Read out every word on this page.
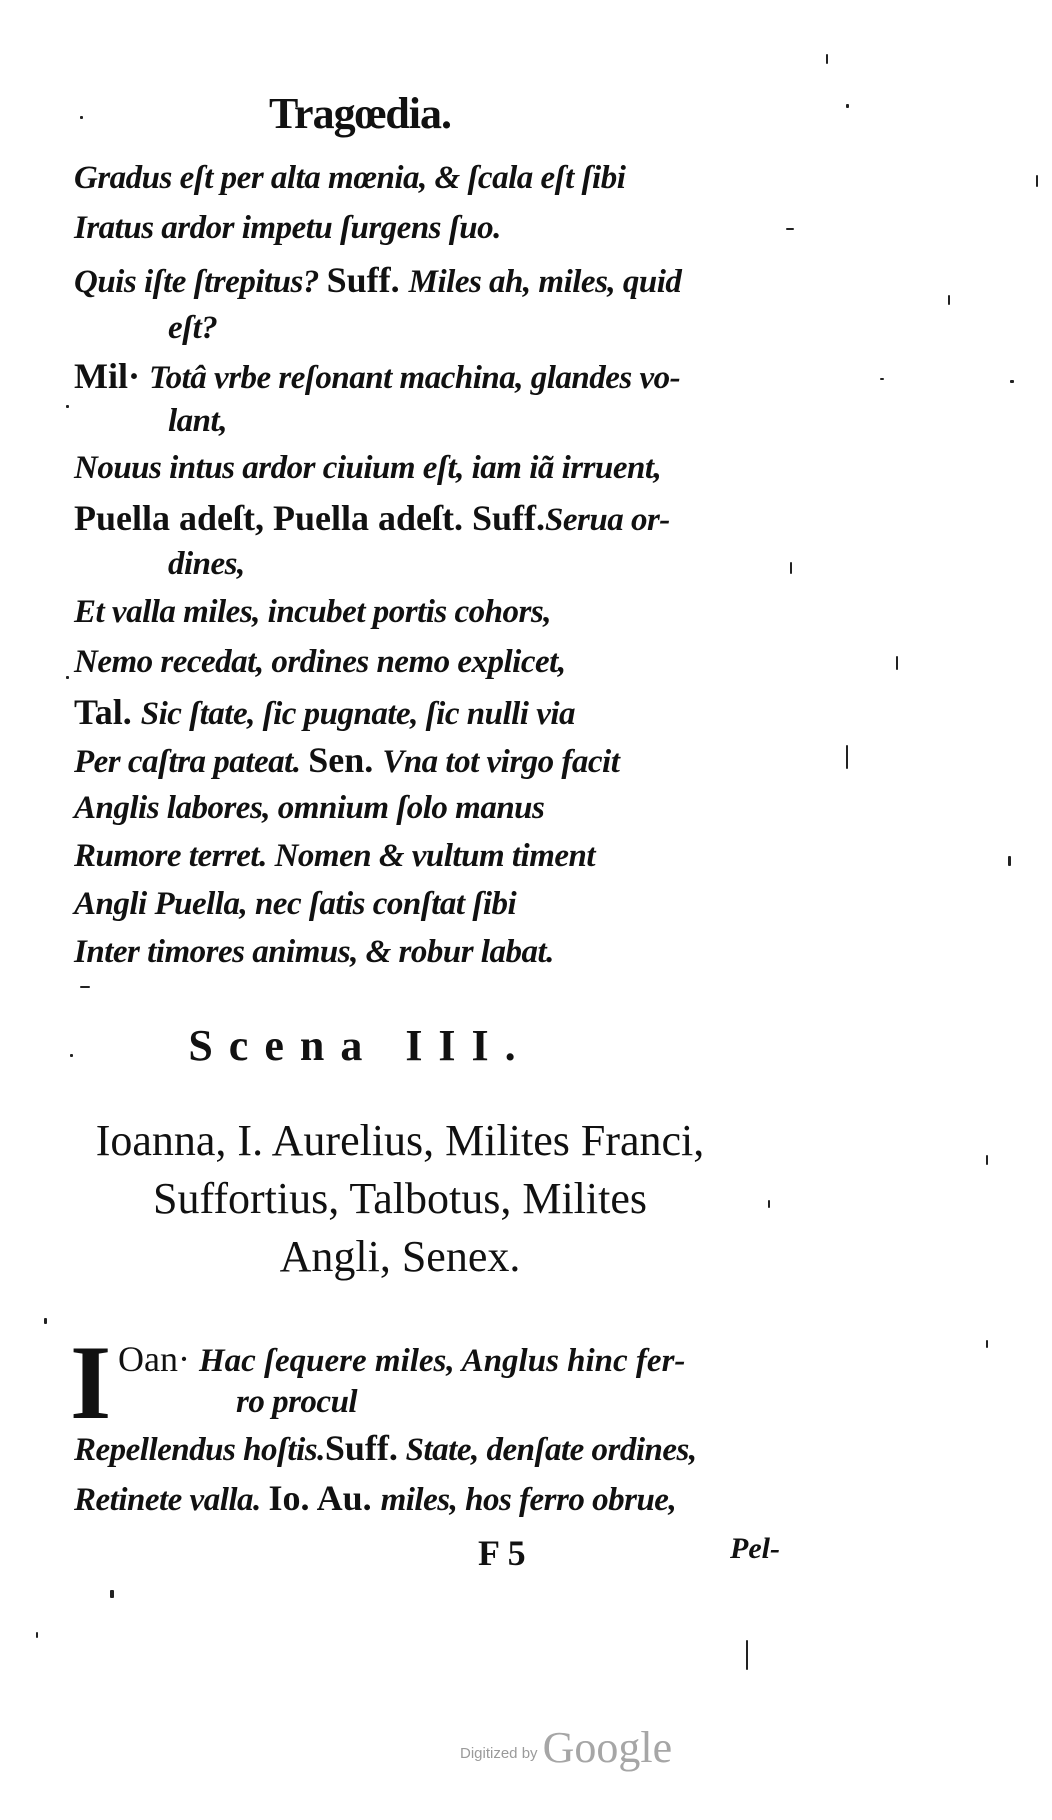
Tragœdia.
Gradus eſt per alta mœnia, & ſcala eſt ſibi
Iratus ardor impetu ſurgens ſuo.
Quis iſte ſtrepitus? Suff. Miles ah, miles, quid
eſt?
Mil· Totâ vrbe reſonant machina, glandes vo-
lant,
Nouus intus ardor ciuium eſt, iam iã irruent,
Puella adeſt, Puella adeſt. Suff.Serua or-
dines,
Et valla miles, incubet portis cohors,
Nemo recedat, ordines nemo explicet,
Tal. Sic ſtate, ſic pugnate, ſic nulli via
Per caſtra pateat. Sen. Vna tot virgo facit
Anglis labores, omnium ſolo manus
Rumore terret. Nomen & vultum timent
Angli Puella, nec ſatis conſtat ſibi
Inter timores animus, & robur labat.
Scena III.
Ioanna, I. Aurelius, Milites Franci,
Suffortius, Talbotus, Milites
Angli, Senex.
I Oan· Hac ſequere miles, Anglus hinc fer-
ro procul
Repellendus hoſtis.Suff. State, denſate ordines,
Retinete valla. Io. Au. miles, hos ferro obrue,
F 5	Pel-
Digitized by Google
